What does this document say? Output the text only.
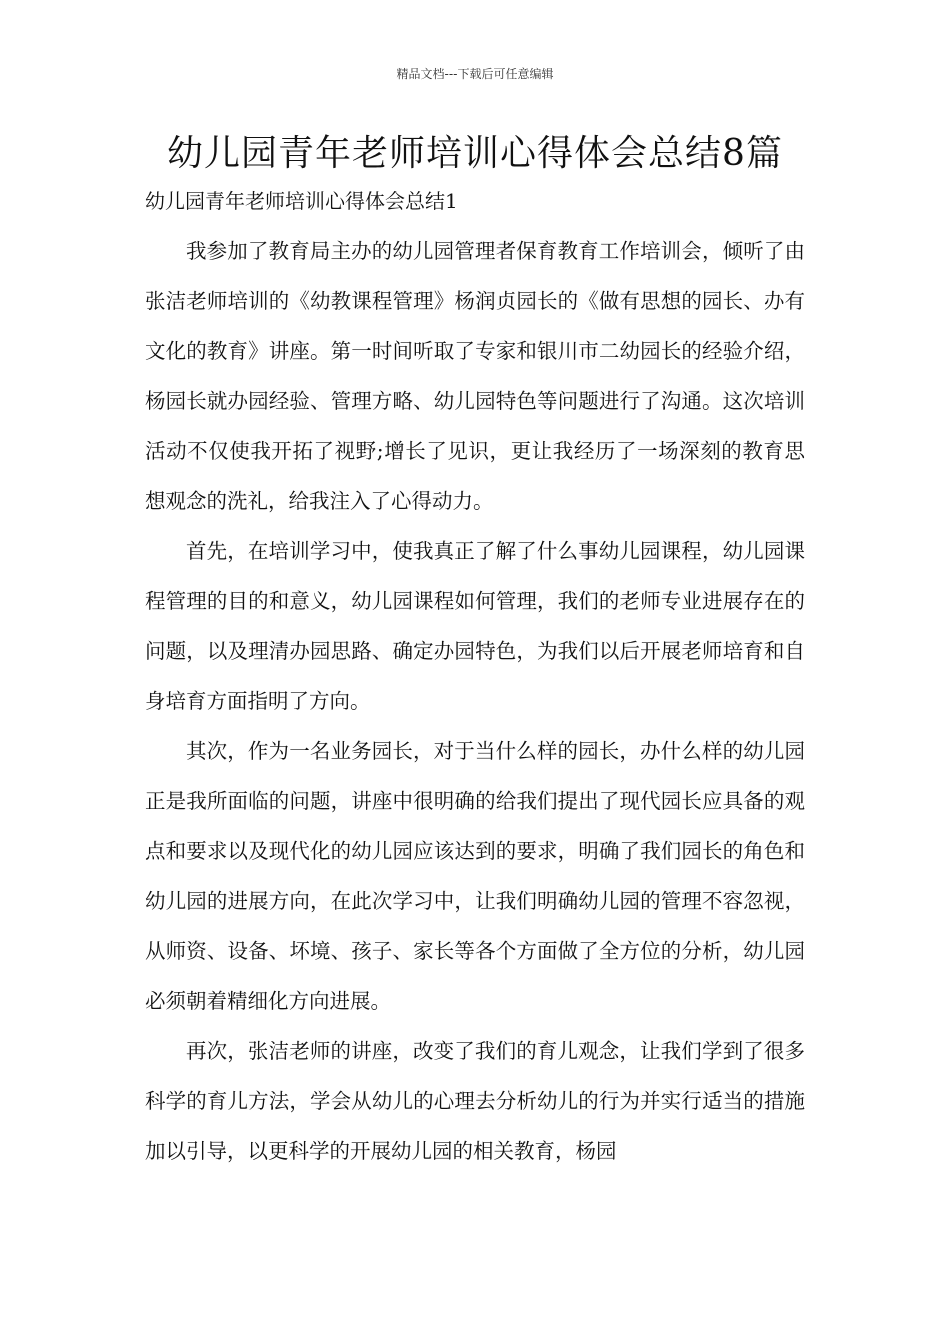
精品文档---下载后可任意编辑
幼儿园青年老师培训心得体会总结8篇
幼儿园青年老师培训心得体会总结1

我参加了教育局主办的幼儿园管理者保育教育工作培训会，倾听了由张洁老师培训的《幼教课程管理》杨润贞园长的《做有思想的园长、办有文化的教育》讲座。第一时间听取了专家和银川市二幼园长的经验介绍，杨园长就办园经验、管理方略、幼儿园特色等问题进行了沟通。这次培训活动不仅使我开拓了视野;增长了见识，更让我经历了一场深刻的教育思想观念的洗礼，给我注入了心得动力。

首先，在培训学习中，使我真正了解了什么事幼儿园课程，幼儿园课程管理的目的和意义，幼儿园课程如何管理，我们的老师专业进展存在的问题，以及理清办园思路、确定办园特色，为我们以后开展老师培育和自身培育方面指明了方向。

其次，作为一名业务园长，对于当什么样的园长，办什么样的幼儿园正是我所面临的问题，讲座中很明确的给我们提出了现代园长应具备的观点和要求以及现代化的幼儿园应该达到的要求，明确了我们园长的角色和幼儿园的进展方向，在此次学习中，让我们明确幼儿园的管理不容忽视，从师资、设备、坏境、孩子、家长等各个方面做了全方位的分析，幼儿园必须朝着精细化方向进展。

再次，张洁老师的讲座，改变了我们的育儿观念，让我们学到了很多科学的育儿方法，学会从幼儿的心理去分析幼儿的行为并实行适当的措施加以引导，以更科学的开展幼儿园的相关教育，杨园
